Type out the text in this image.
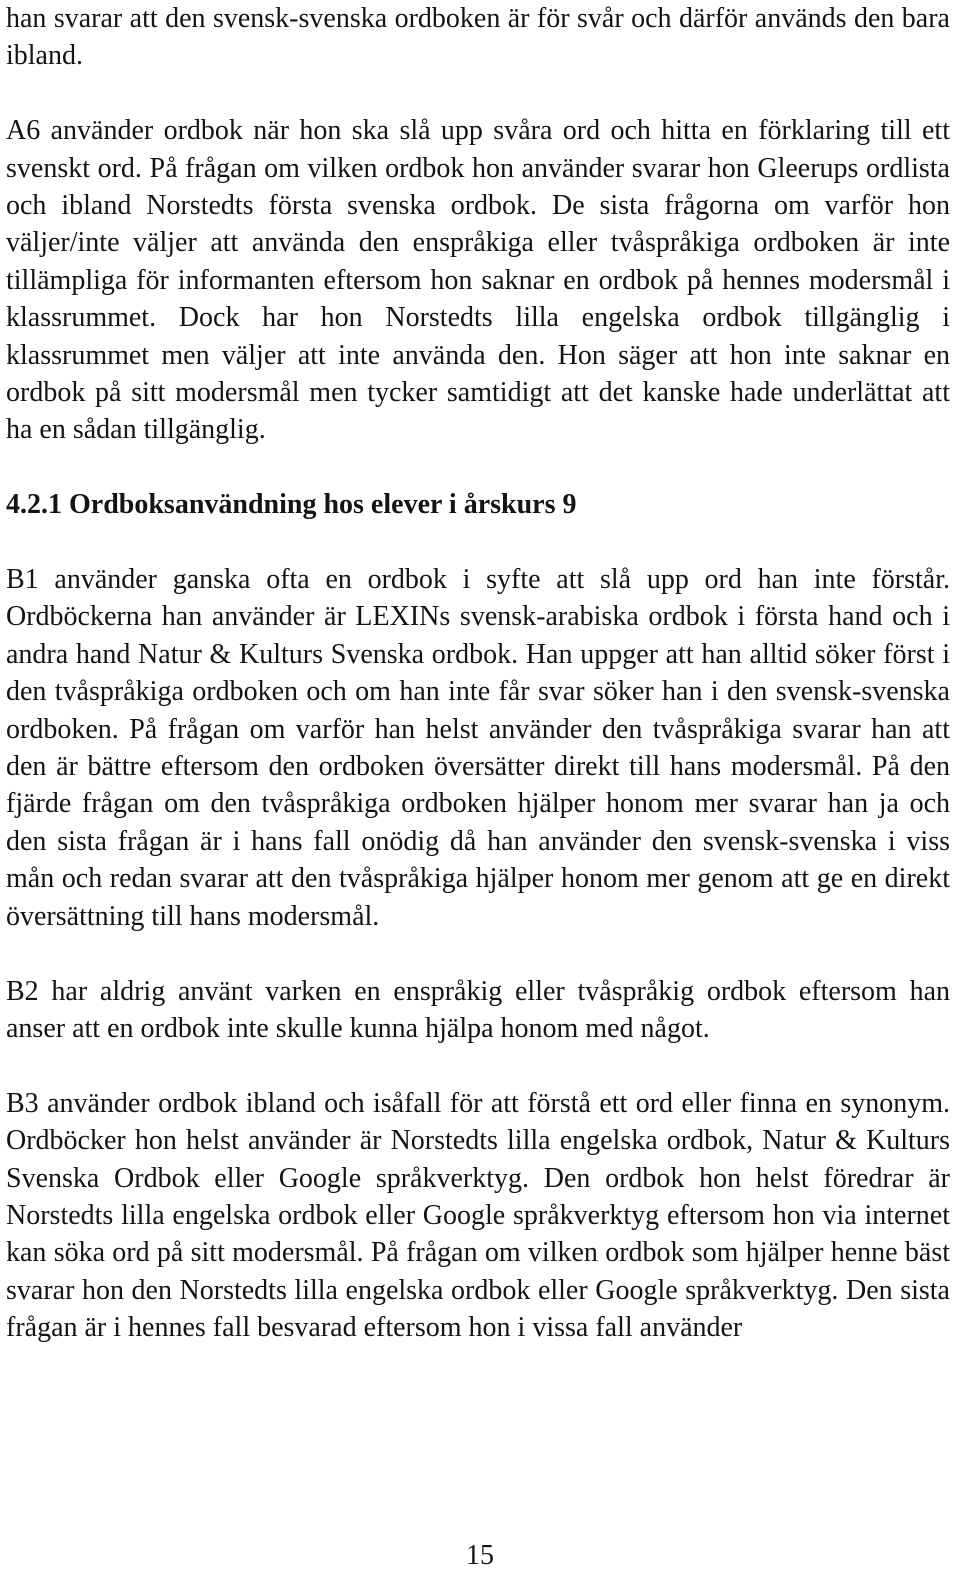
han svarar att den svensk-svenska ordboken är för svår och därför används den bara ibland.

A6 använder ordbok när hon ska slå upp svåra ord och hitta en förklaring till ett svenskt ord. På frågan om vilken ordbok hon använder svarar hon Gleerups ordlista och ibland Norstedts första svenska ordbok. De sista frågorna om varför hon väljer/inte väljer att använda den enspråkiga eller tvåspråkiga ordboken är inte tillämpliga för informanten eftersom hon saknar en ordbok på hennes modersmål i klassrummet. Dock har hon Norstedts lilla engelska ordbok tillgänglig i klassrummet men väljer att inte använda den. Hon säger att hon inte saknar en ordbok på sitt modersmål men tycker samtidigt att det kanske hade underlättat att ha en sådan tillgänglig.

4.2.1 Ordboksanvändning hos elever i årskurs 9

B1 använder ganska ofta en ordbok i syfte att slå upp ord han inte förstår. Ordböckerna han använder är LEXINs svensk-arabiska ordbok i första hand och i andra hand Natur & Kulturs Svenska ordbok. Han uppger att han alltid söker först i den tvåspråkiga ordboken och om han inte får svar söker han i den svensk-svenska ordboken. På frågan om varför han helst använder den tvåspråkiga svarar han att den är bättre eftersom den ordboken översätter direkt till hans modersmål. På den fjärde frågan om den tvåspråkiga ordboken hjälper honom mer svarar han ja och den sista frågan är i hans fall onödig då han använder den svensk-svenska i viss mån och redan svarar att den tvåspråkiga hjälper honom mer genom att ge en direkt översättning till hans modersmål.

B2 har aldrig använt varken en enspråkig eller tvåspråkig ordbok eftersom han anser att en ordbok inte skulle kunna hjälpa honom med något.

B3 använder ordbok ibland och isåfall för att förstå ett ord eller finna en synonym. Ordböcker hon helst använder är Norstedts lilla engelska ordbok, Natur & Kulturs Svenska Ordbok eller Google språkverktyg. Den ordbok hon helst föredrar är Norstedts lilla engelska ordbok eller Google språkverktyg eftersom hon via internet kan söka ord på sitt modersmål. På frågan om vilken ordbok som hjälper henne bäst svarar hon den Norstedts lilla engelska ordbok eller Google språkverktyg. Den sista frågan är i hennes fall besvarad eftersom hon i vissa fall använder

15
